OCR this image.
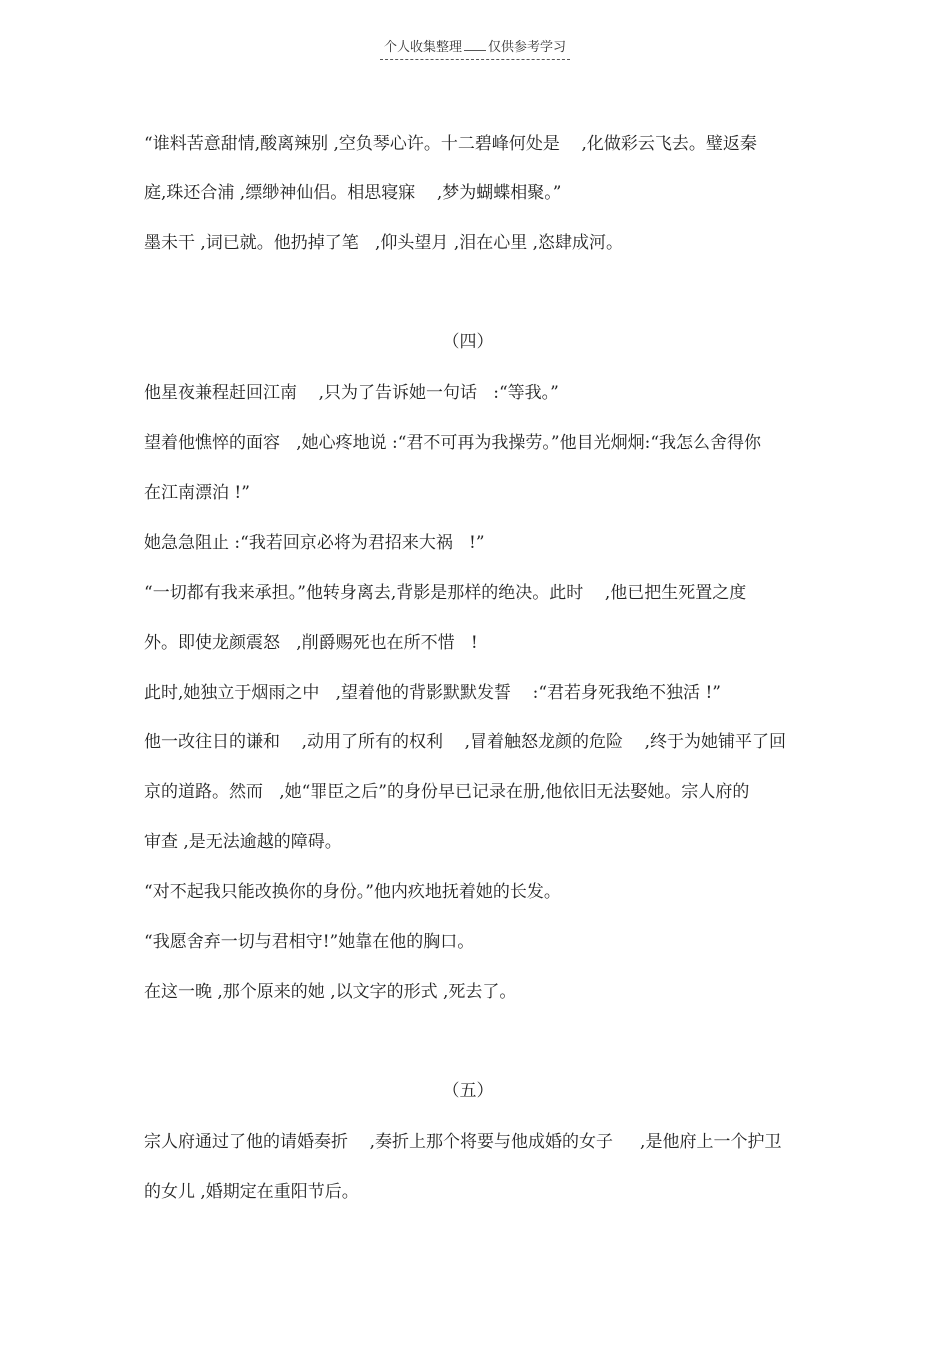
个人收集整理 仅供参考学习
“谁料苦意甜情,酸离辣别 ,空负琴心许。十二碧峰何处是    ,化做彩云飞去。璧返秦
庭,珠还合浦 ,缥缈神仙侣。相思寝寐    ,梦为蝴蝶相聚。”
墨未干 ,词已就。他扔掉了笔   ,仰头望月 ,泪在心里 ,恣肆成河。
（四）
他星夜兼程赶回江南    ,只为了告诉她一句话   :“等我。”
望着他憔悴的面容   ,她心疼地说 :“君不可再为我操劳。”他目光炯炯:“我怎么舍得你
在江南漂泊 !”
她急急阻止 :“我若回京必将为君招来大祸   !”
“一切都有我来承担。”他转身离去,背影是那样的绝决。此时    ,他已把生死置之度
外。即使龙颜震怒   ,削爵赐死也在所不惜   !
此时,她独立于烟雨之中   ,望着他的背影默默发誓    :“君若身死我绝不独活 !”
他一改往日的谦和    ,动用了所有的权利    ,冒着触怒龙颜的危险    ,终于为她铺平了回
京的道路。然而   ,她“罪臣之后”的身份早已记录在册,他依旧无法娶她。宗人府的
审查 ,是无法逾越的障碍。
“对不起我只能改换你的身份。”他内疚地抚着她的长发。
“我愿舍弃一切与君相守!”她靠在他的胸口。
在这一晚 ,那个原来的她 ,以文字的形式 ,死去了。
（五）
宗人府通过了他的请婚奏折    ,奏折上那个将要与他成婚的女子     ,是他府上一个护卫
的女儿 ,婚期定在重阳节后。
